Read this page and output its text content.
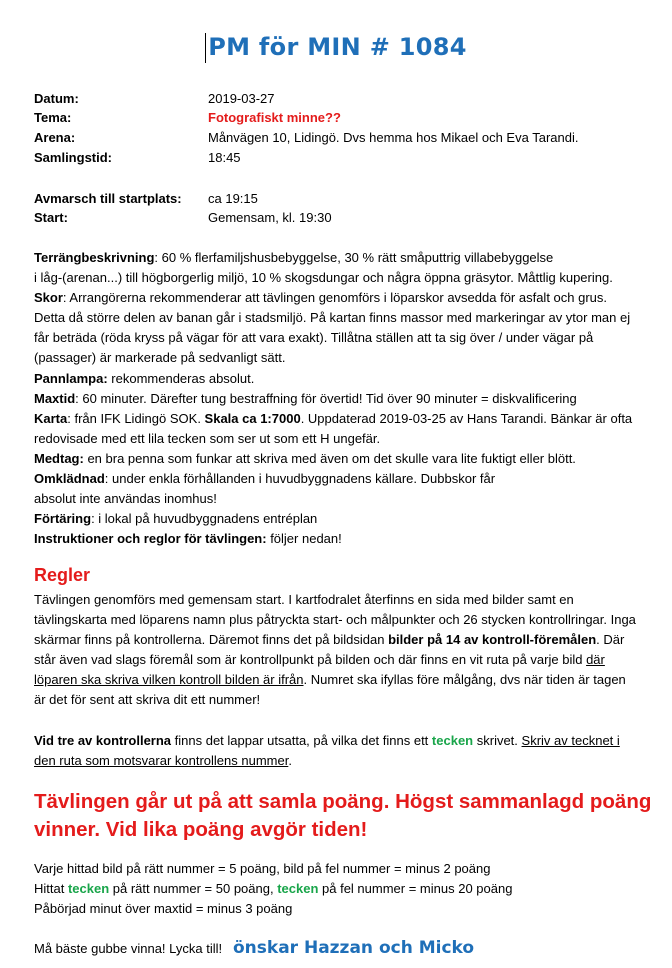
PM för MIN # 1084
Datum:	2019-03-27
Tema:	Fotografiskt minne??
Arena:	Månvägen 10, Lidingö. Dvs hemma hos Mikael och Eva Tarandi.
Samlingstid:	18:45
Avmarsch till startplats: ca 19:15
Start:	Gemensam, kl. 19:30

Terrängbeskrivning: 60 % flerfamiljshusbebyggelse, 30 % rätt småputtrig villabebyggelse

i låg-(arenan...) till högborgerlig miljö, 10 % skogsdungar och några öppna gräsytor. Måttlig kupering.

Skor: Arrangörerna rekommenderar att tävlingen genomförs i löparskor avsedda för asfalt och grus. Detta då större delen av banan går i stadsmiljö. På kartan finns massor med markeringar av ytor man ej får beträda (röda kryss på vägar för att vara exakt). Tillåtna ställen att ta sig över / under vägar på (passager) är markerade på sedvanligt sätt.

Pannlampa: rekommenderas absolut.

Maxtid: 60 minuter. Därefter tung bestraffning för övertid! Tid över 90 minuter = diskvalificering

Karta: från IFK Lidingö SOK. Skala ca 1:7000. Uppdaterad 2019-03-25 av Hans Tarandi. Bänkar är ofta redovisade med ett lila tecken som ser ut som ett H ungefär.

Medtag: en bra penna som funkar att skriva med även om det skulle vara lite fuktigt eller blött.

Omklädnad: under enkla förhållanden i huvudbyggnadens källare. Dubbskor får

absolut inte användas inomhus!

Förtäring: i lokal på huvudbyggnadens entréplan

Instruktioner och reglor för tävlingen: följer nedan!

Regler

Tävlingen genomförs med gemensam start. I kartfodralet återfinns en sida med bilder samt en tävlingskarta med löparens namn plus påtryckta start- och målpunkter och 26 stycken kontrollringar. Inga skärmar finns på kontrollerna. Däremot finns det på bildsidan bilder på 14 av kontroll-föremålen. Där står även vad slags föremål som är kontrollpunkt på bilden och där finns en vit ruta på varje bild där löparen ska skriva vilken kontroll bilden är ifrån. Numret ska ifyllas före målgång, dvs när tiden är tagen är det för sent att skriva dit ett nummer!

Vid tre av kontrollerna finns det lappar utsatta, på vilka det finns ett tecken skrivet. Skriv av tecknet i den ruta som motsvarar kontrollens nummer.

Tävlingen går ut på att samla poäng. Högst sammanlagd poäng vinner. Vid lika poäng avgör tiden!

Varje hittad bild på rätt nummer = 5 poäng, bild på fel nummer = minus 2 poäng

Hittat tecken på rätt nummer = 50 poäng, tecken på fel nummer = minus 20 poäng

Påbörjad minut över maxtid = minus 3 poäng

Må bäste gubbe vinna! Lycka till! önskar Hazzan och Micko
